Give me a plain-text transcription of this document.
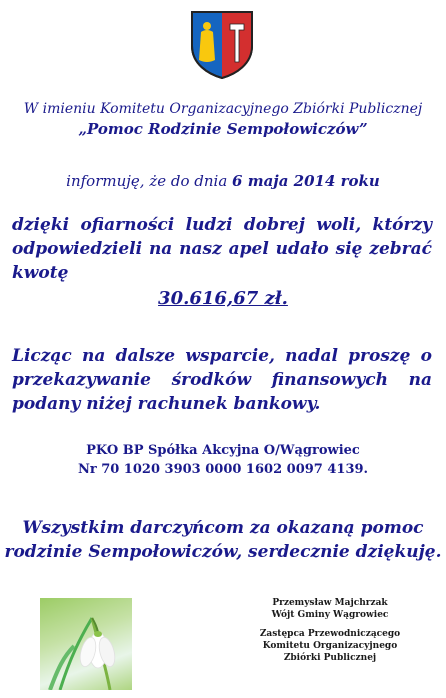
W imieniu Komitetu Organizacyjnego Zbiórki Publicznej
„Pomoc Rodzinie Sempołowiczów”
informuję, że do dnia 6 maja 2014 roku
dzięki ofiarności ludzi dobrej woli, którzy odpowiedzieli na nasz apel udało się zebrać kwotę
30.616,67 zł.
Licząc na dalsze wsparcie, nadal proszę o przekazywanie środków finansowych na podany niżej rachunek bankowy.
PKO BP Spółka Akcyjna O/Wągrowiec
Nr 70 1020 3903 0000 1602 0097 4139.
Wszystkim darczyńcom za okazaną pomoc
rodzinie Sempołowiczów, serdecznie dziękuję.
Przemysław Majchrzak
Wójt Gminy Wągrowiec
Zastępca Przewodniczącego
Komitetu Organizacyjnego
Zbiórki Publicznej
